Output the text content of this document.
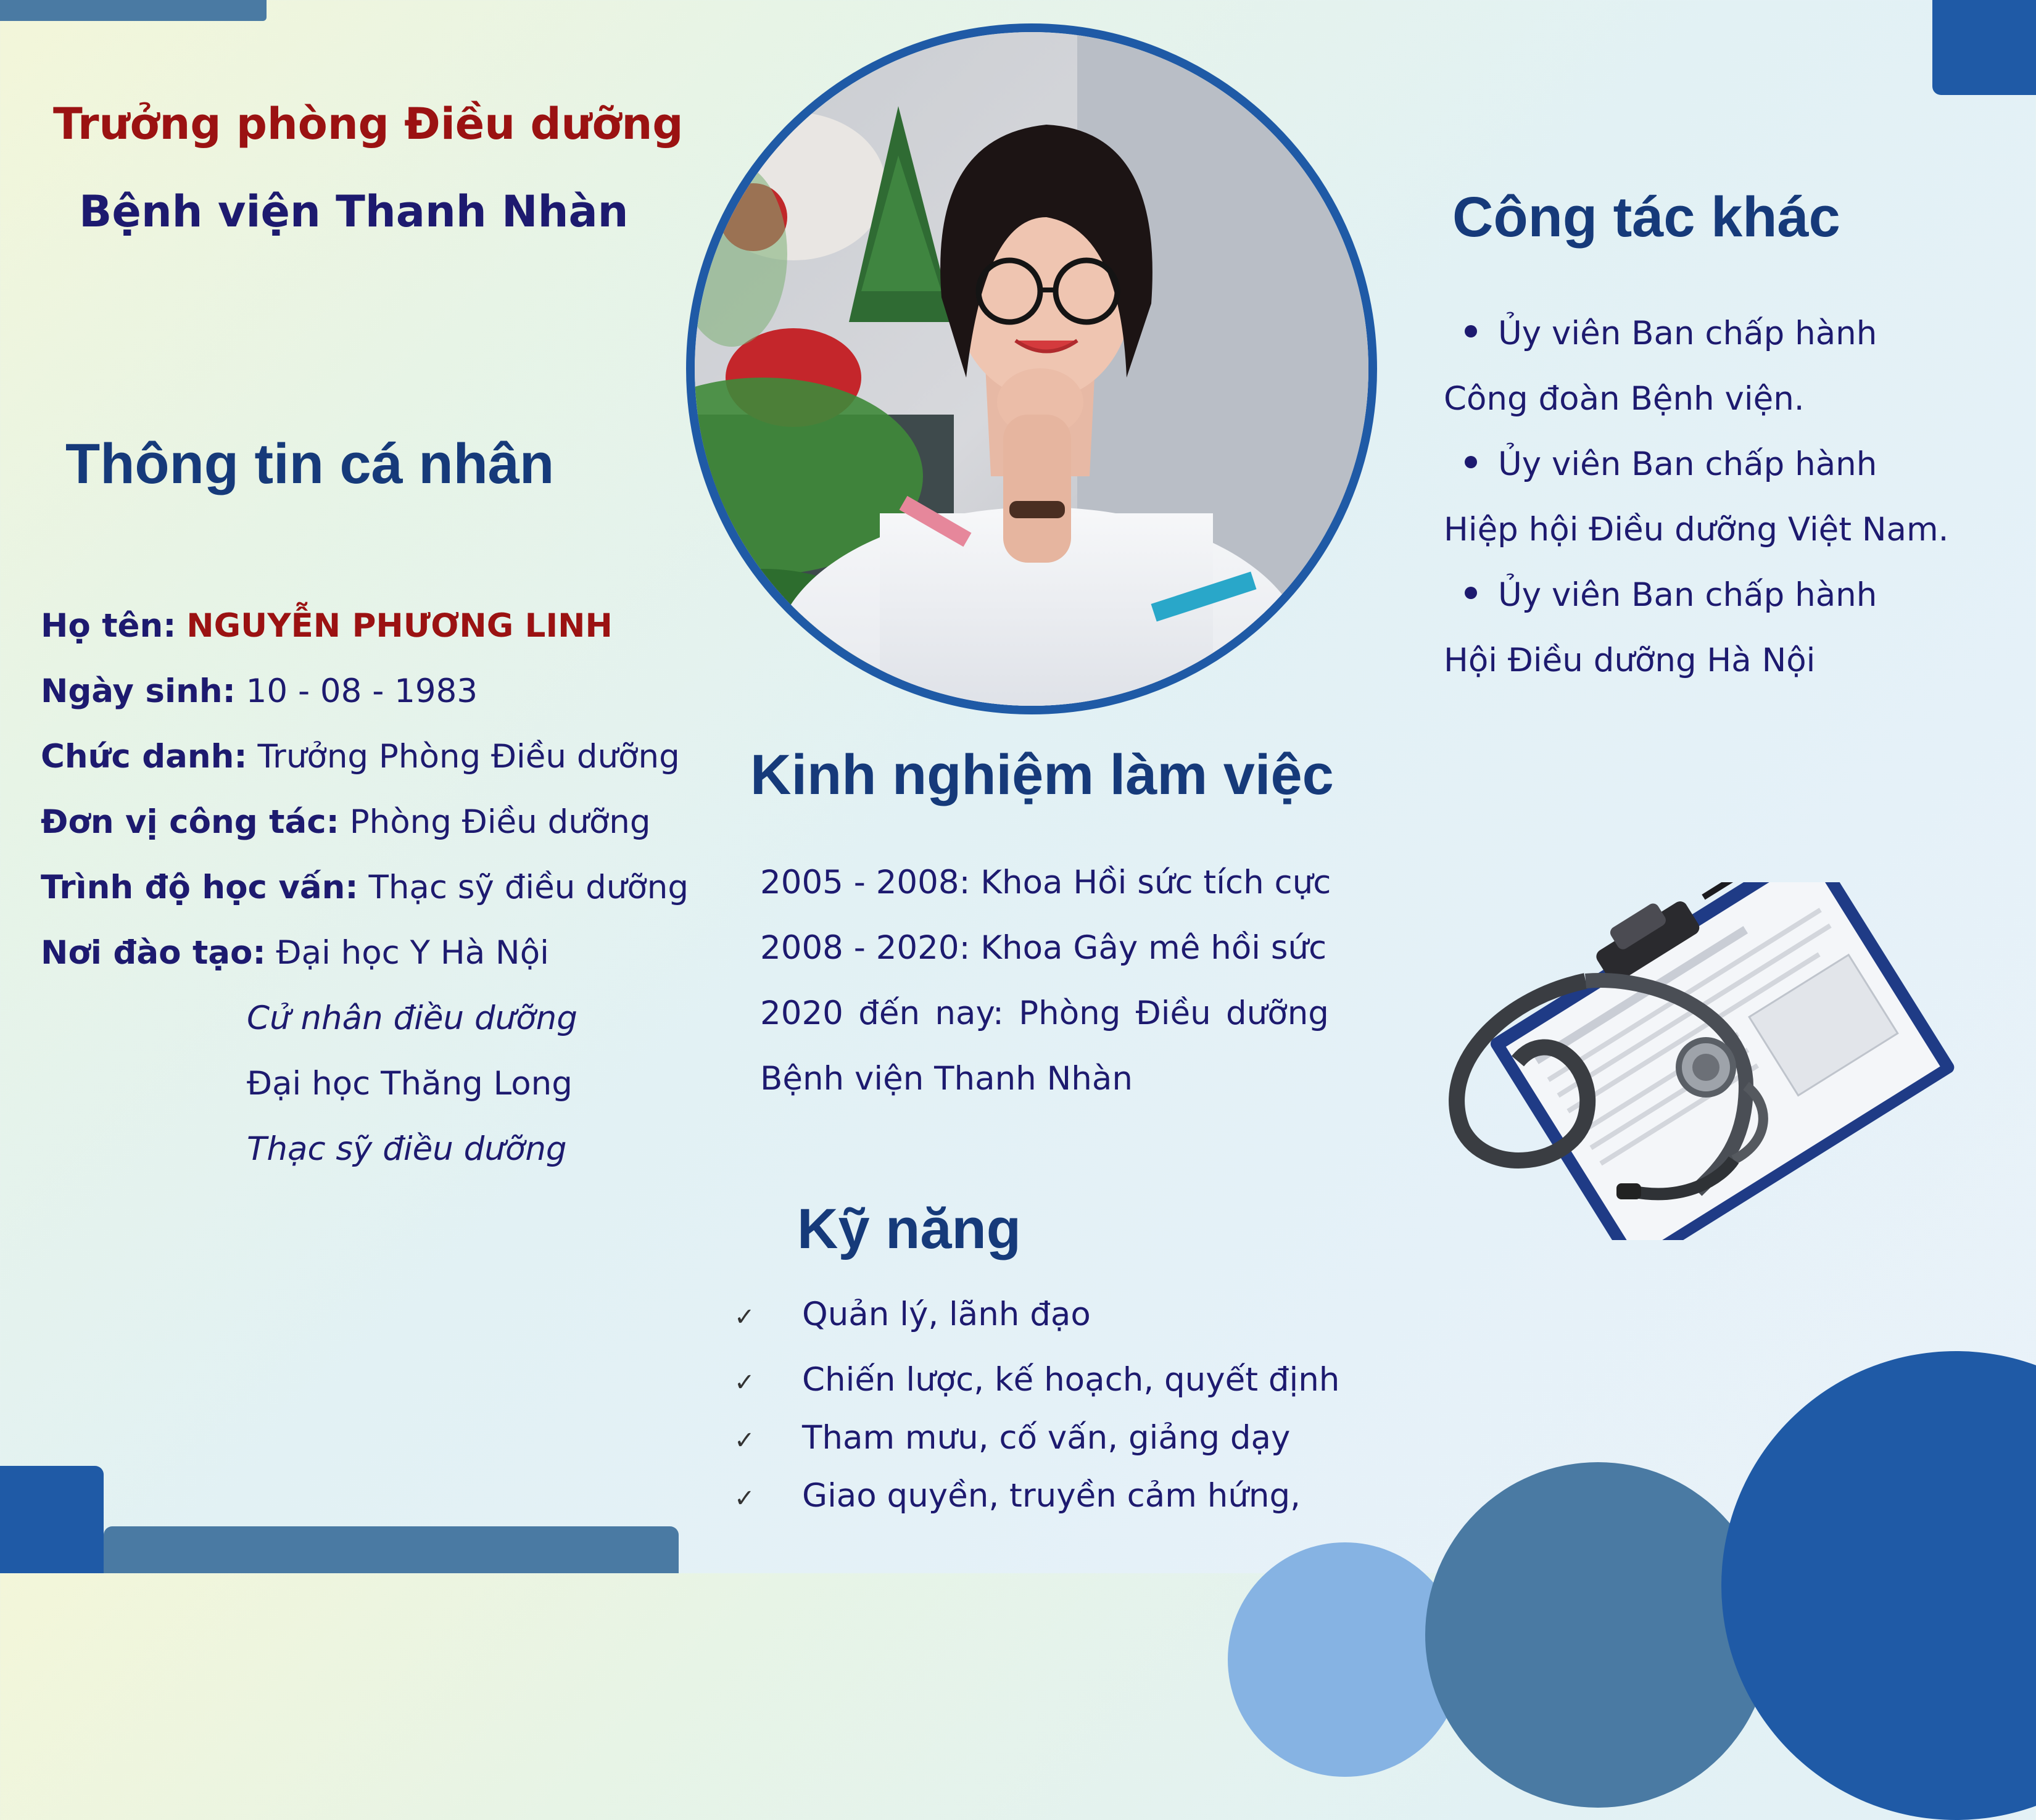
Trưởng phòng Điều dưỡng
Bệnh viện Thanh Nhàn
Thông tin cá nhân
Họ tên: NGUYỄN PHƯƠNG LINH
Ngày sinh: 10 - 08 - 1983
Chức danh: Trưởng Phòng Điều dưỡng
Đơn vị công tác: Phòng Điều dưỡng
Trình độ học vấn: Thạc sỹ điều dưỡng
Nơi đào tạo: Đại học Y Hà Nội
Cử nhân điều dưỡng
Đại học Thăng Long
Thạc sỹ điều dưỡng
Kinh nghiệm làm việc
2005 - 2008: Khoa Hồi sức tích cực
2008 - 2020: Khoa Gây mê hồi sức
2020 đến nay: Phòng Điều dưỡng
Bệnh viện Thanh Nhàn
Kỹ năng
✓ Quản lý, lãnh đạo
✓ Chiến lược, kế hoạch, quyết định
✓ Tham mưu, cố vấn, giảng dạy
✓ Giao quyền, truyền cảm hứng,
Công tác khác
Ủy viên Ban chấp hành
Công đoàn Bệnh viện.
Ủy viên Ban chấp hành
Hiệp hội Điều dưỡng Việt Nam.
Ủy viên Ban chấp hành
Hội Điều dưỡng Hà Nội
